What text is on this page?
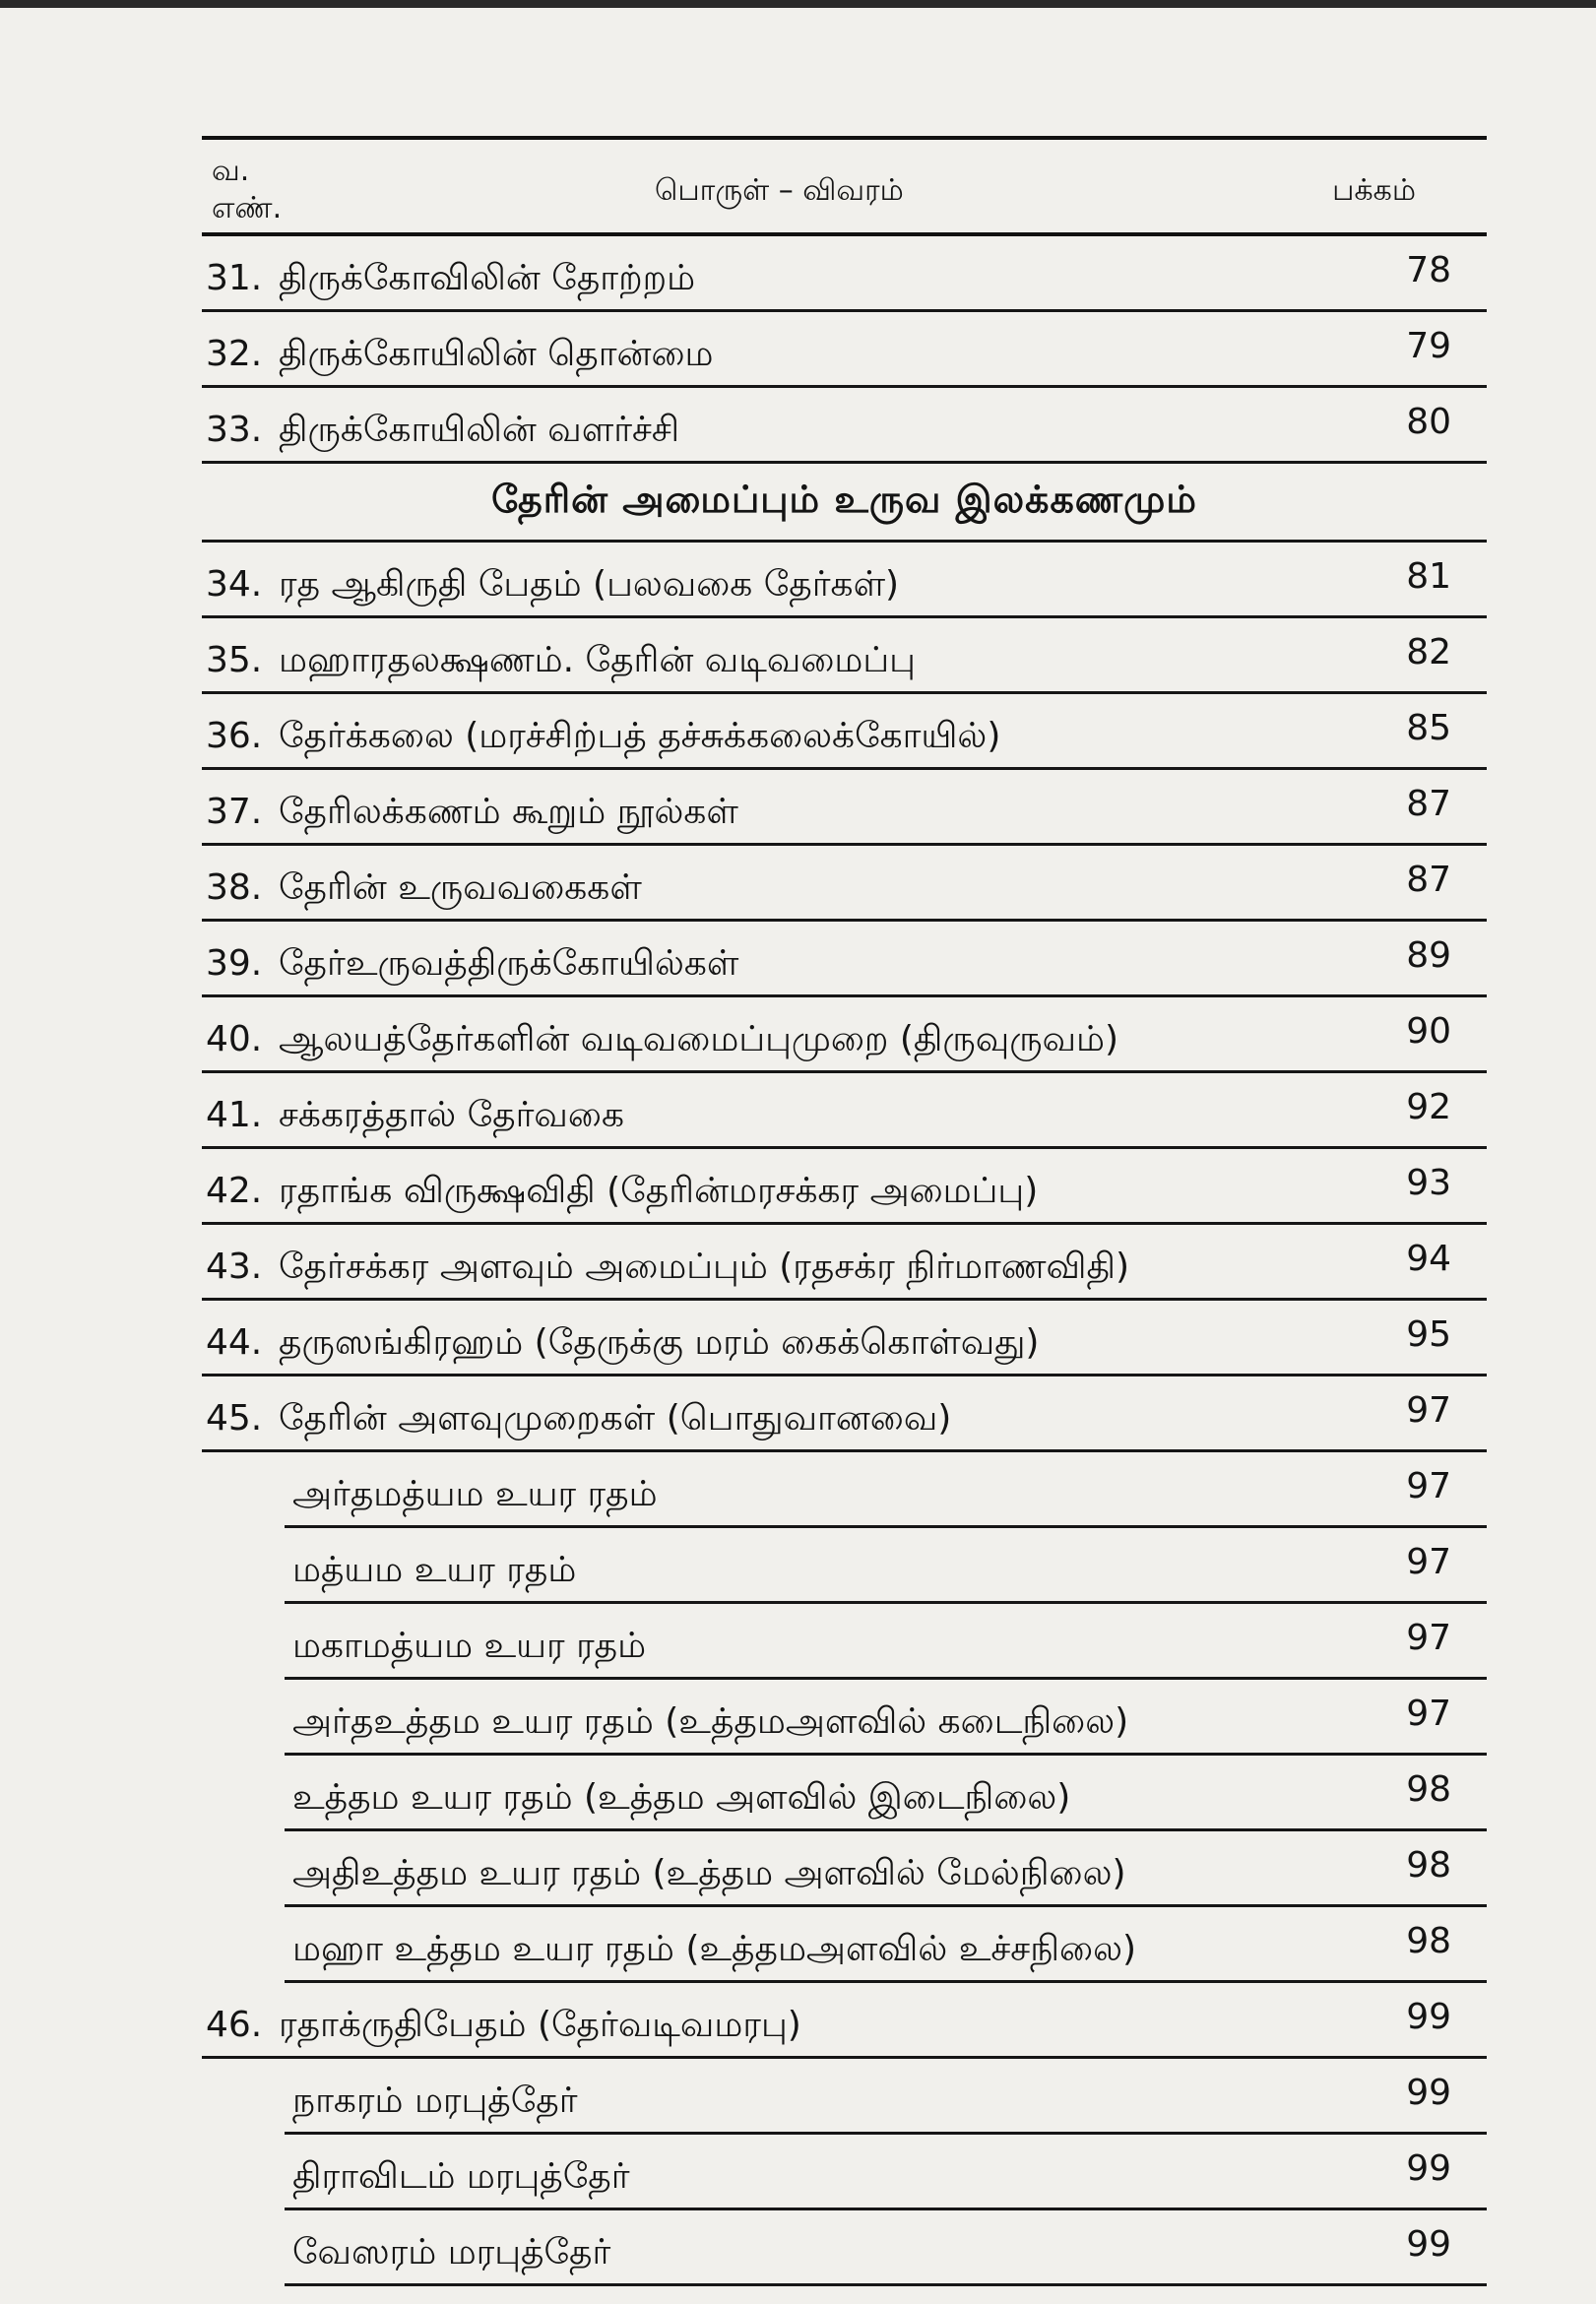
வ.
எண்.
பொருள் – விவரம்	பக்கம்
31. திருக்கோவிலின் தோற்றம்	78
32. திருக்கோயிலின் தொன்மை	79
33. திருக்கோயிலின் வளர்ச்சி	80
தேரின் அமைப்பும் உருவ இலக்கணமும்
34. ரத ஆகிருதி பேதம் (பலவகை தேர்கள்)	81
35. மஹாரதலக்ஷணம். தேரின் வடிவமைப்பு	82
36. தேர்க்கலை (மரச்சிற்பத் தச்சுக்கலைக்கோயில்)	85
37. தேரிலக்கணம் கூறும் நூல்கள்	87
38. தேரின் உருவவகைகள்	87
39. தேர்உருவத்திருக்கோயில்கள்	89
40. ஆலயத்தேர்களின் வடிவமைப்புமுறை (திருவுருவம்)	90
41. சக்கரத்தால் தேர்வகை	92
42. ரதாங்க விருக்ஷவிதி (தேரின்மரசக்கர அமைப்பு)	93
43. தேர்சக்கர அளவும் அமைப்பும் (ரதசக்ர நிர்மாணவிதி)	94
44. தருஸங்கிரஹம் (தேருக்கு மரம் கைக்கொள்வது)	95
45. தேரின் அளவுமுறைகள் (பொதுவானவை)	97
அர்தமத்யம உயர ரதம்	97
மத்யம உயர ரதம்	97
மகாமத்யம உயர ரதம்	97
அர்தஉத்தம உயர ரதம் (உத்தமஅளவில் கடைநிலை)	97
உத்தம உயர ரதம் (உத்தம அளவில் இடைநிலை)	98
அதிஉத்தம உயர ரதம் (உத்தம அளவில் மேல்நிலை)	98
மஹா உத்தம உயர ரதம் (உத்தமஅளவில் உச்சநிலை)	98
46. ரதாக்ருதிபேதம் (தேர்வடிவமரபு)	99
நாகரம் மரபுத்தேர்	99
திராவிடம் மரபுத்தேர்	99
வேஸரம் மரபுத்தேர்	99
